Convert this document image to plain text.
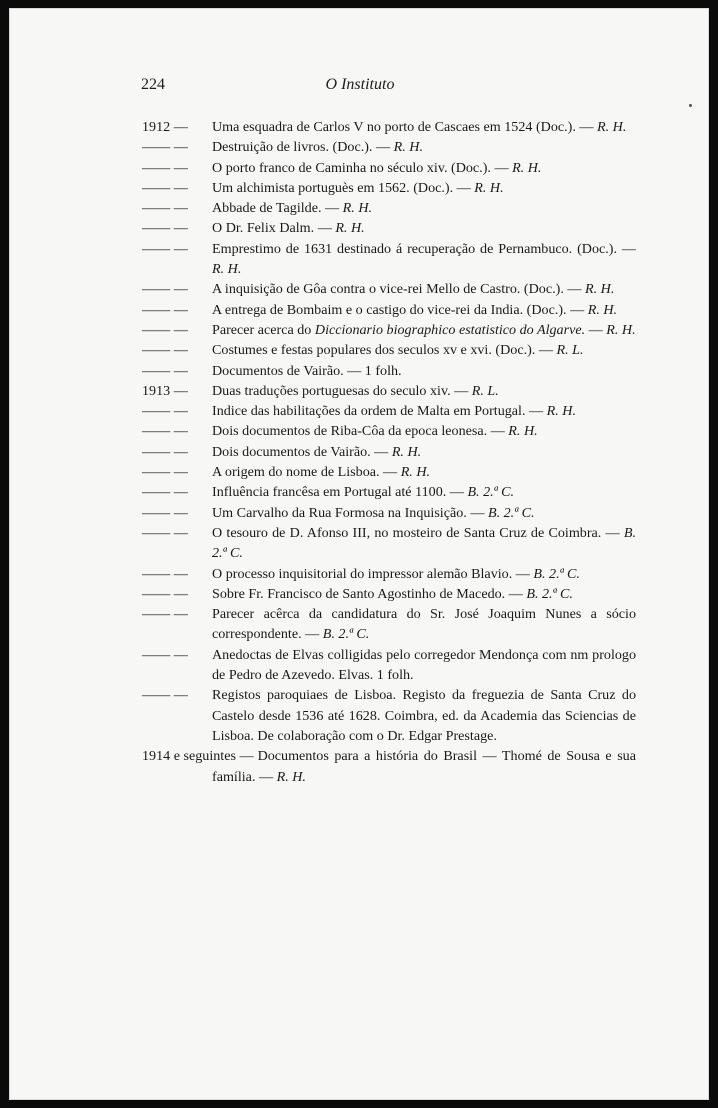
224	O Instituto
1912 — Uma esquadra de Carlos V no porto de Cascaes em 1524 (Doc.). — R. H.
—— — Destruição de livros. (Doc.). — R. H.
—— — O porto franco de Caminha no século xiv. (Doc.). — R. H.
—— — Um alchimista portuguès em 1562. (Doc.). — R. H.
—— — Abbade de Tagilde. — R. H.
—— — O Dr. Felix Dalm. — R. H.
—— — Emprestimo de 1631 destinado á recuperação de Pernambuco. (Doc.). — R. H.
—— — A inquisição de Gôa contra o vice-rei Mello de Castro. (Doc.). — R. H.
—— — A entrega de Bombaim e o castigo do vice-rei da India. (Doc.). — R. H.
—— — Parecer acerca do Diccionario biographico estatistico do Algarve. — R. H.
—— — Costumes e festas populares dos seculos xv e xvi. (Doc.). — R. L.
—— — Documentos de Vairão. — 1 folh.
1913 — Duas traduções portuguesas do seculo xiv. — R. L.
—— — Indice das habilitações da ordem de Malta em Portugal. — R. H.
—— — Dois documentos de Riba-Côa da epoca leonesa. — R. H.
—— — Dois documentos de Vairão. — R. H.
—— — A origem do nome de Lisboa. — R. H.
—— — Influência francêsa em Portugal até 1100. — B. 2.ª C.
—— — Um Carvalho da Rua Formosa na Inquisição. — B. 2.ª C.
—— — O tesouro de D. Afonso III, no mosteiro de Santa Cruz de Coimbra. — B. 2.ª C.
—— — O processo inquisitorial do impressor alemão Blavio. — B. 2.ª C.
—— — Sobre Fr. Francisco de Santo Agostinho de Macedo. — B. 2.ª C.
—— — Parecer acêrca da candidatura do Sr. José Joaquim Nunes a sócio correspondente. — B. 2.ª C.
—— — Anedoctas de Elvas colligidas pelo corregedor Mendonça com nm prologo de Pedro de Azevedo. Elvas. 1 folh.
—— — Registos paroquiaes de Lisboa. Registo da freguezia de Santa Cruz do Castelo desde 1536 até 1628. Coimbra, ed. da Academia das Sciencias de Lisboa. De colaboração com o Dr. Edgar Prestage.
1914 e seguintes — Documentos para a história do Brasil — Thomé de Sousa e sua família. — R. H.
